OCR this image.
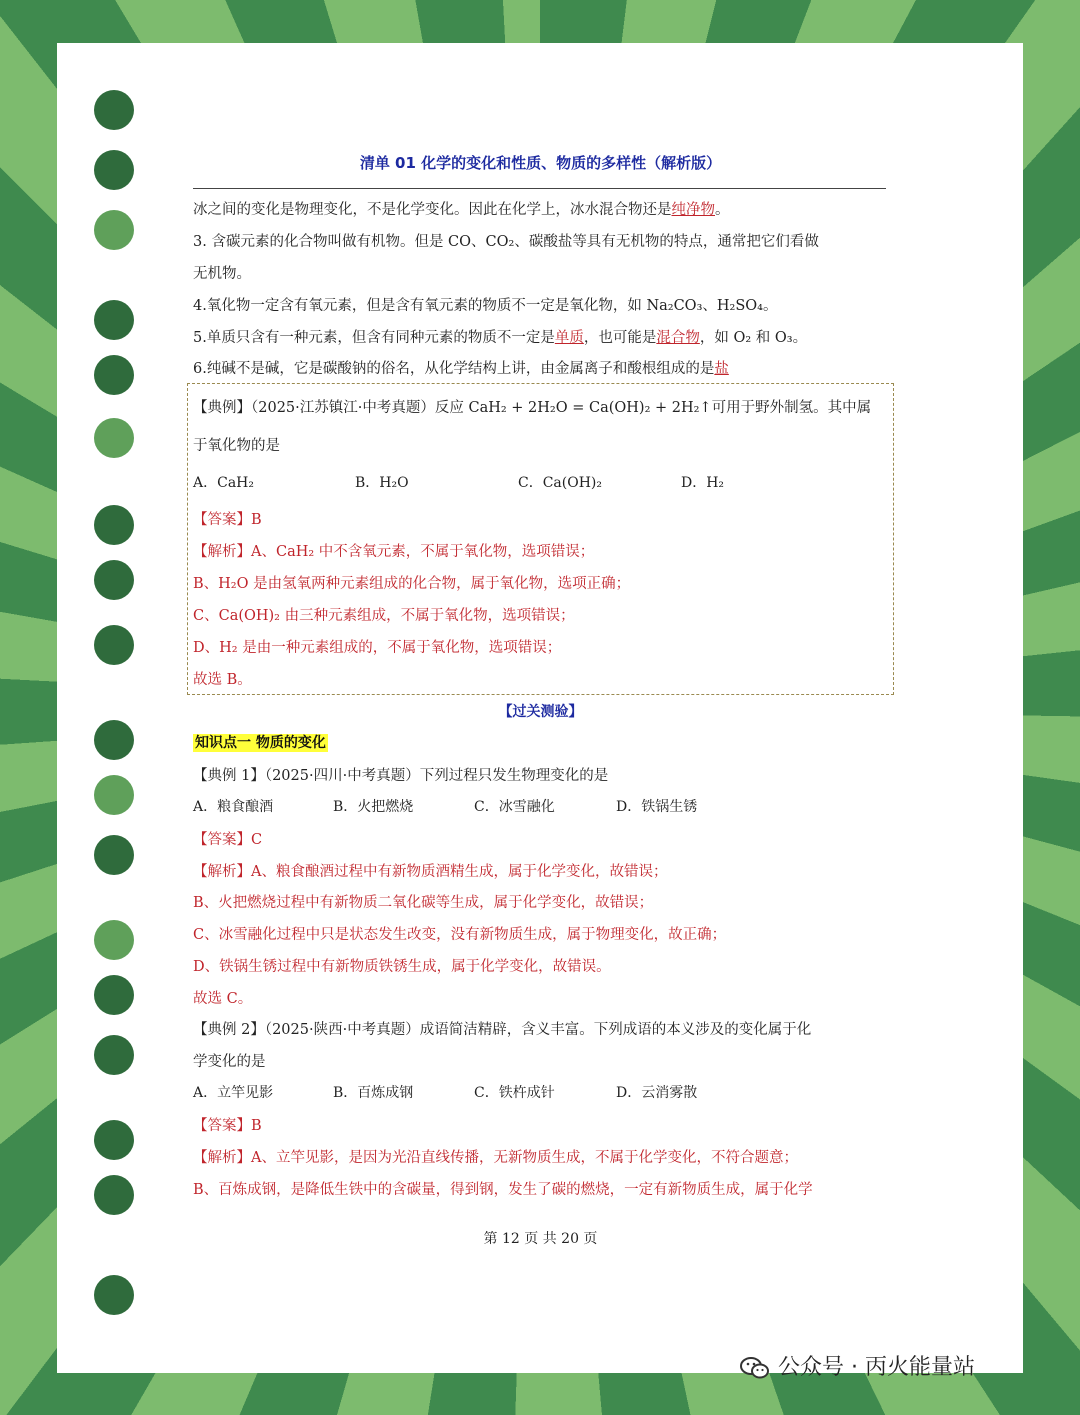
清单 01 化学的变化和性质、物质的多样性（解析版）
冰之间的变化是物理变化，不是化学变化。因此在化学上，冰水混合物还是纯净物。
3. 含碳元素的化合物叫做有机物。但是 CO、CO₂、碳酸盐等具有无机物的特点，通常把它们看做
无机物。
4.氧化物一定含有氧元素，但是含有氧元素的物质不一定是氧化物，如 Na₂CO₃、H₂SO₄。
5.单质只含有一种元素，但含有同种元素的物质不一定是单质，也可能是混合物，如 O₂ 和 O₃。
6.纯碱不是碱，它是碳酸钠的俗名，从化学结构上讲，由金属离子和酸根组成的是盐
【典例】（2025·江苏镇江·中考真题）反应 CaH₂ + 2H₂O = Ca(OH)₂ + 2H₂↑可用于野外制氢。其中属
于氧化物的是
A．CaH₂	B．H₂O	C．Ca(OH)₂	D．H₂
【答案】B
【解析】A、CaH₂ 中不含氧元素，不属于氧化物，选项错误；
B、H₂O 是由氢氧两种元素组成的化合物，属于氧化物，选项正确；
C、Ca(OH)₂ 由三种元素组成，不属于氧化物，选项错误；
D、H₂ 是由一种元素组成的，不属于氧化物，选项错误；
故选 B。
【过关测验】
知识点一 物质的变化
【典例 1】（2025·四川·中考真题）下列过程只发生物理变化的是
A．粮食酿酒	B．火把燃烧	C．冰雪融化	D．铁锅生锈
【答案】C
【解析】A、粮食酿酒过程中有新物质酒精生成，属于化学变化，故错误；
B、火把燃烧过程中有新物质二氧化碳等生成，属于化学变化，故错误；
C、冰雪融化过程中只是状态发生改变，没有新物质生成，属于物理变化，故正确；
D、铁锅生锈过程中有新物质铁锈生成，属于化学变化，故错误。
故选 C。
【典例 2】（2025·陕西·中考真题）成语简洁精辟，含义丰富。下列成语的本义涉及的变化属于化
学变化的是
A．立竿见影	B．百炼成钢	C．铁杵成针	D．云消雾散
【答案】B
【解析】A、立竿见影，是因为光沿直线传播，无新物质生成，不属于化学变化，不符合题意；
B、百炼成钢，是降低生铁中的含碳量，得到钢，发生了碳的燃烧，一定有新物质生成，属于化学
第 12 页 共 20 页
公众号 · 丙火能量站
